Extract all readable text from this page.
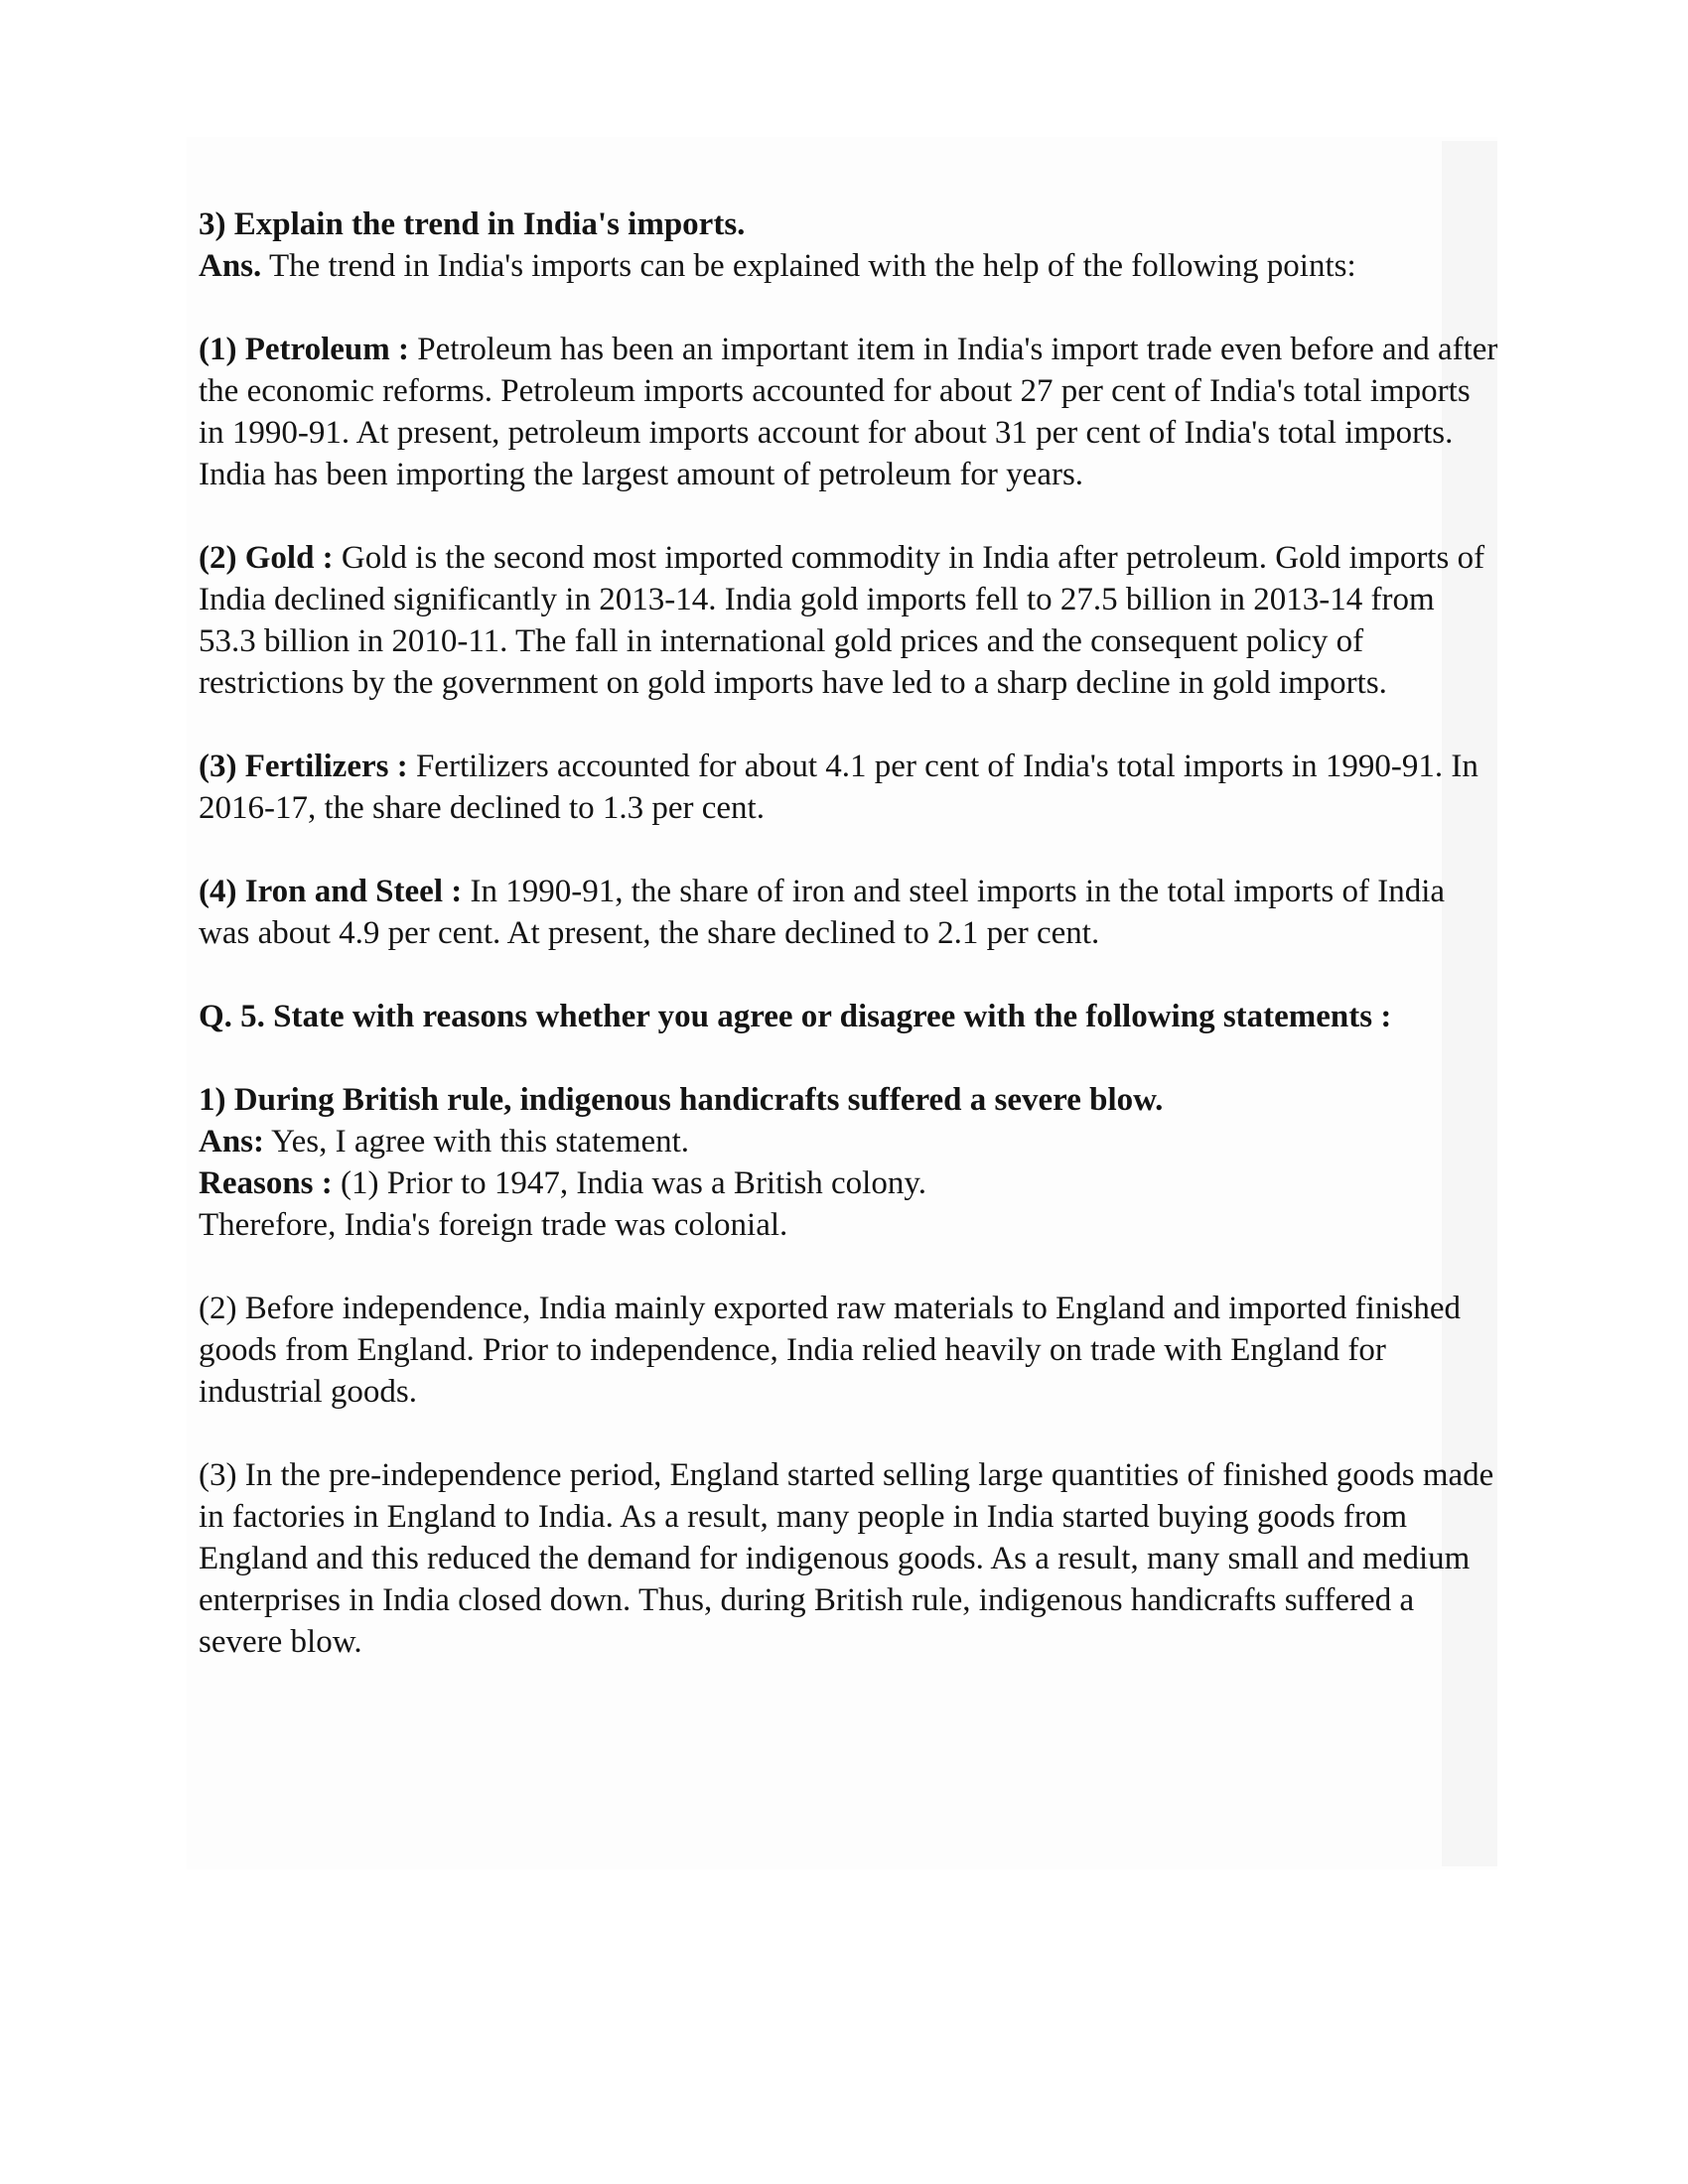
3) Explain the trend in India's imports.

Ans. The trend in India's imports can be explained with the help of the following points:

(1) Petroleum : Petroleum has been an important item in India's import trade even before and after the economic reforms. Petroleum imports accounted for about 27 per cent of India's total imports in 1990-91. At present, petroleum imports account for about 31 per cent of India's total imports. India has been importing the largest amount of petroleum for years.

(2) Gold : Gold is the second most imported commodity in India after petroleum. Gold imports of India declined significantly in 2013-14. India gold imports fell to 27.5 billion in 2013-14 from 53.3 billion in 2010-11. The fall in international gold prices and the consequent policy of restrictions by the government on gold imports have led to a sharp decline in gold imports.

(3) Fertilizers : Fertilizers accounted for about 4.1 per cent of India's total imports in 1990-91. In 2016-17, the share declined to 1.3 per cent.

(4) Iron and Steel : In 1990-91, the share of iron and steel imports in the total imports of India was about 4.9 per cent. At present, the share declined to 2.1 per cent.

Q. 5. State with reasons whether you agree or disagree with the following statements :

1) During British rule, indigenous handicrafts suffered a severe blow.

Ans: Yes, I agree with this statement.

Reasons : (1) Prior to 1947, India was a British colony.

Therefore, India's foreign trade was colonial.

(2) Before independence, India mainly exported raw materials to England and imported finished goods from England. Prior to independence, India relied heavily on trade with England for industrial goods.

(3) In the pre-independence period, England started selling large quantities of finished goods made in factories in England to India. As a result, many people in India started buying goods from England and this reduced the demand for indigenous goods. As a result, many small and medium enterprises in India closed down. Thus, during British rule, indigenous handicrafts suffered a severe blow.
